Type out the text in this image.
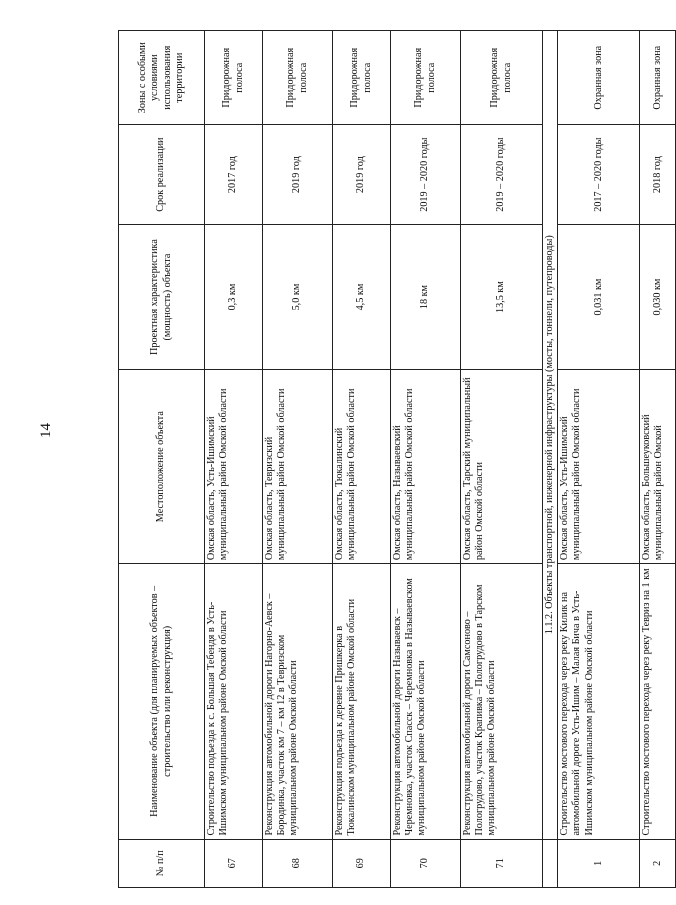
14
№ п/п	Наименование объекта (для планируемых объектов – строительство или реконструкция)	Местоположение объекта	Проектная характеристика (мощность) объекта	Срок реализации	Зоны с особыми условиями использования территории
67	Строительство подъезда к с. Большая Тебендя в Усть-Ишимском муниципальном районе Омской области	Омская область, Усть-Ишимский муниципальный район Омской области	0,3 км	2017 год	Придорожная полоса
68	Реконструкция автомобильной дороги Нагорно-Аевск – Бородинка, участок км 7 – км 12 в Тевризском муниципальном районе Омской области	Омская область, Тевризский муниципальный район Омской области	5,0 км	2019 год	Придорожная полоса
69	Реконструкция подъезда к деревне Пришкерка в Тюкалинском муниципальном районе Омской области	Омская область, Тюкалинский муниципальный район Омской области	4,5 км	2019 год	Придорожная полоса
70	Реконструкция автомобильной дороги Называевск – Черемновка, участок Спасск – Черемновка в Называевском муниципальном районе Омской области	Омская область, Называевский муниципальный район Омской области	18 км	2019 – 2020 годы	Придорожная полоса
71	Реконструкция автомобильной дороги Самсоново – Пологрудово, участок Крапивка – Пологрудово в Тарском муниципальном районе Омской области	Омская область, Тарский муниципальный район Омской области	13,5 км	2019 – 2020 годы	Придорожная полоса
	1.1.2. Объекты транспортной, инженерной инфраструктуры (мосты, тоннели, путепроводы)				
1	Строительство мостового перехода через реку Килик на автомобильной дороге Усть-Ишим – Малая Бича в Усть-Ишимском муниципальном районе Омской области	Омская область, Усть-Ишимский муниципальный район Омской области	0,031 км	2017 – 2020 годы	Охранная зона
2	Строительство мостового перехода через реку Тевриз на 1 км	Омская область, Большеуковский муниципальный район Омской	0,030 км	2018 год	Охранная зона
